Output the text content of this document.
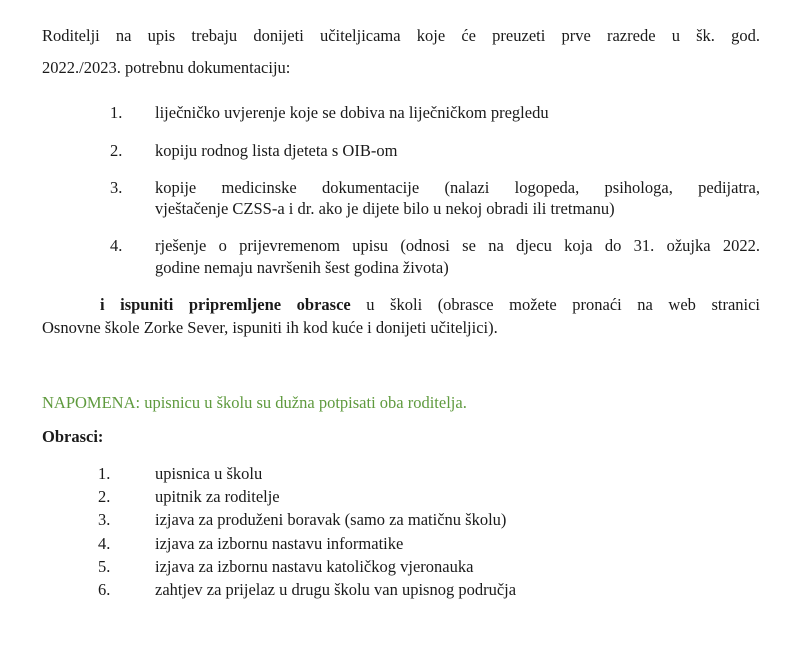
Roditelji na upis trebaju donijeti učiteljicama koje će preuzeti prve razrede u šk. god.
2022./2023. potrebnu dokumentaciju:
1. liječničko uvjerenje koje se dobiva na liječničkom pregledu
2. kopiju rodnog lista djeteta s OIB-om
3. kopije medicinske dokumentacije (nalazi logopeda, psihologa, pedijatra,
vještačenje CZSS-a i dr. ako je dijete bilo u nekoj obradi ili tretmanu)
4. rješenje o prijevremenom upisu (odnosi se na djecu koja do 31. ožujka 2022.
godine nemaju navršenih šest godina života)
i ispuniti pripremljene obrasce u školi (obrasce možete pronaći na web stranici
Osnovne škole Zorke Sever, ispuniti ih kod kuće i donijeti učiteljici).
NAPOMENA: upisnicu u školu su dužna potpisati oba roditelja.
Obrasci:
1.	upisnica u školu
2.	upitnik za roditelje
3.	izjava za produženi boravak (samo za matičnu školu)
4.	izjava za izbornu nastavu informatike
5.	izjava za izbornu nastavu katoličkog vjeronauka
6.	zahtjev za prijelaz u drugu školu van upisnog područja
